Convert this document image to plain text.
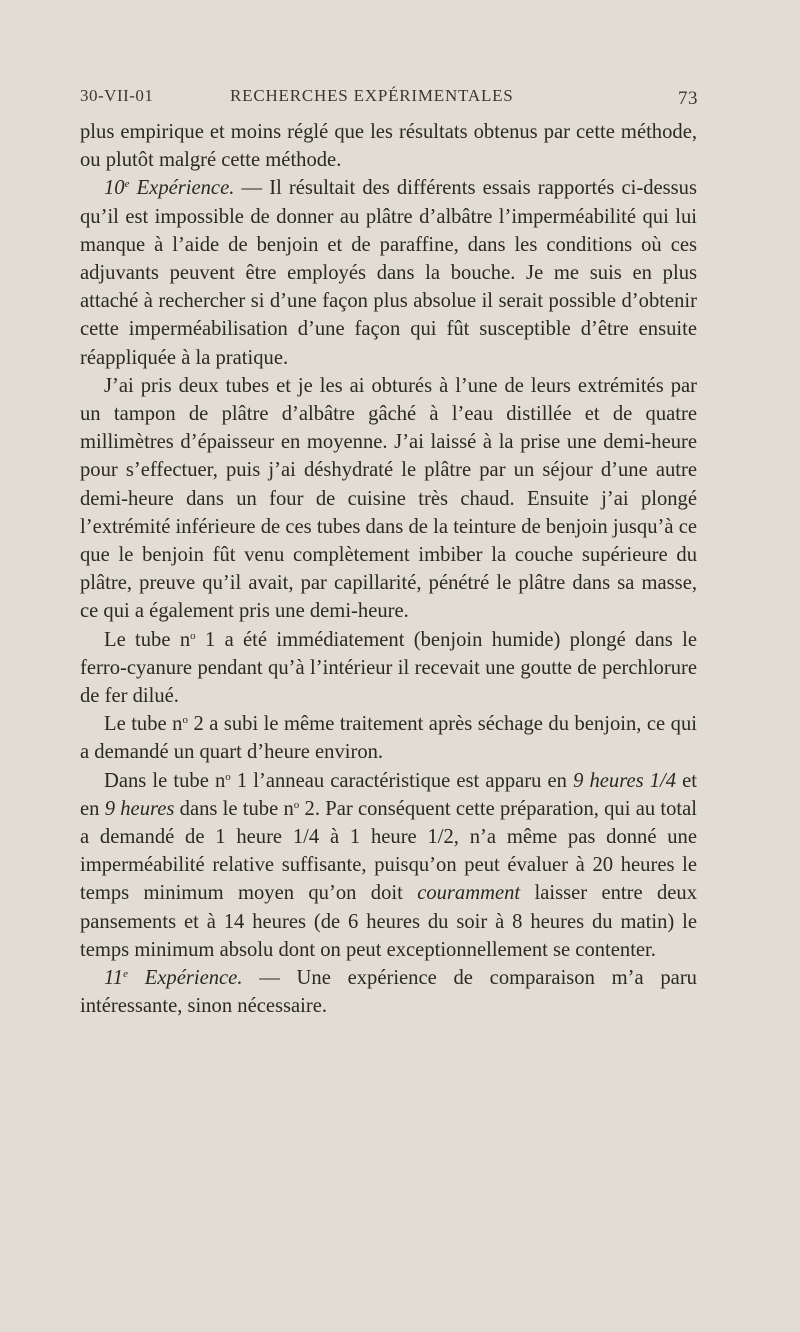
30-VII-01	RECHERCHES EXPÉRIMENTALES	73

plus empirique et moins réglé que les résultats obtenus par cette méthode, ou plutôt malgré cette méthode.

10e Expérience. — Il résultait des différents essais rapportés ci-dessus qu’il est impossible de donner au plâtre d’albâtre l’imperméabilité qui lui manque à l’aide de benjoin et de paraffine, dans les conditions où ces adjuvants peuvent être employés dans la bouche. Je me suis en plus attaché à rechercher si d’une façon plus absolue il serait possible d’obtenir cette imperméabilisation d’une façon qui fût susceptible d’être ensuite réappliquée à la pratique.

J’ai pris deux tubes et je les ai obturés à l’une de leurs extrémités par un tampon de plâtre d’albâtre gâché à l’eau distillée et de quatre millimètres d’épaisseur en moyenne. J’ai laissé à la prise une demi-heure pour s’effectuer, puis j’ai déshydraté le plâtre par un séjour d’une autre demi-heure dans un four de cuisine très chaud. Ensuite j’ai plongé l’extrémité inférieure de ces tubes dans de la teinture de benjoin jusqu’à ce que le benjoin fût venu complètement imbiber la couche supérieure du plâtre, preuve qu’il avait, par capillarité, pénétré le plâtre dans sa masse, ce qui a également pris une demi-heure.

Le tube $n^o$ 1 a été immédiatement (benjoin humide) plongé dans le ferro-cyanure pendant qu’à l’intérieur il recevait une goutte de perchlorure de fer dilué.

Le tube $n^o$ 2 a subi le même traitement après séchage du benjoin, ce qui a demandé un quart d’heure environ.

Dans le tube $n^o$ 1 l’anneau caractéristique est apparu en 9 heures 1/4 et en 9 heures dans le tube $n^o$ 2. Par conséquent cette préparation, qui au total a demandé de 1 heure 1/4 à 1 heure 1/2, n’a même pas donné une imperméabilité relative suffisante, puisqu’on peut évaluer à 20 heures le temps minimum moyen qu’on doit couramment laisser entre deux pansements et à 14 heures (de 6 heures du soir à 8 heures du matin) le temps minimum absolu dont on peut exceptionnellement se contenter.

11e Expérience. — Une expérience de comparaison m’a paru intéressante, sinon nécessaire.
